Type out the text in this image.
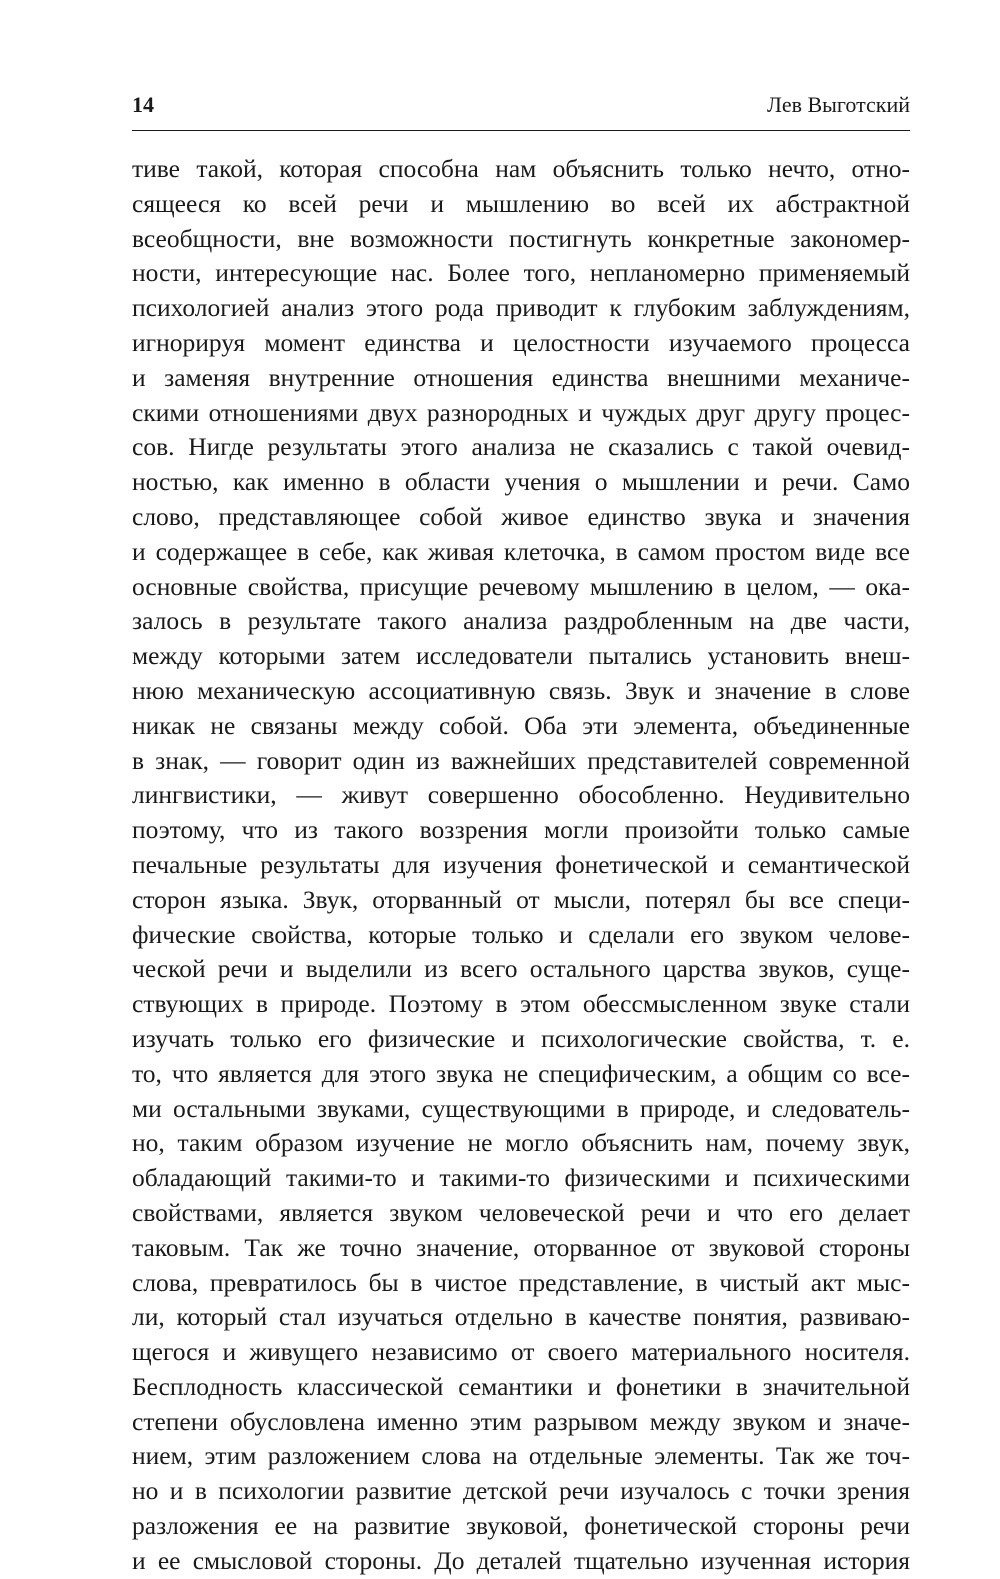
14	Лев Выготский
тиве такой, которая способна нам объяснить только нечто, отно-
сящееся ко всей речи и мышлению во всей их абстрактной
всеобщности, вне возможности постигнуть конкретные закономер-
ности, интересующие нас. Более того, непланомерно применяемый
психологией анализ этого рода приводит к глубоким заблуждениям,
игнорируя момент единства и целостности изучаемого процесса
и заменяя внутренние отношения единства внешними механиче-
скими отношениями двух разнородных и чуждых друг другу процес-
сов. Нигде результаты этого анализа не сказались с такой очевид-
ностью, как именно в области учения о мышлении и речи. Само
слово, представляющее собой живое единство звука и значения
и содержащее в себе, как живая клеточка, в самом простом виде все
основные свойства, присущие речевому мышлению в целом, — ока-
залось в результате такого анализа раздробленным на две части,
между которыми затем исследователи пытались установить внеш-
нюю механическую ассоциативную связь. Звук и значение в слове
никак не связаны между собой. Оба эти элемента, объединенные
в знак, — говорит один из важнейших представителей современной
лингвистики, — живут совершенно обособленно. Неудивительно
поэтому, что из такого воззрения могли произойти только самые
печальные результаты для изучения фонетической и семантической
сторон языка. Звук, оторванный от мысли, потерял бы все специ-
фические свойства, которые только и сделали его звуком челове-
ческой речи и выделили из всего остального царства звуков, суще-
ствующих в природе. Поэтому в этом обессмысленном звуке стали
изучать только его физические и психологические свойства, т. е.
то, что является для этого звука не специфическим, а общим со все-
ми остальными звуками, существующими в природе, и следователь-
но, таким образом изучение не могло объяснить нам, почему звук,
обладающий такими-то и такими-то физическими и психическими
свойствами, является звуком человеческой речи и что его делает
таковым. Так же точно значение, оторванное от звуковой стороны
слова, превратилось бы в чистое представление, в чистый акт мыс-
ли, который стал изучаться отдельно в качестве понятия, развиваю-
щегося и живущего независимо от своего материального носителя.
Бесплодность классической семантики и фонетики в значительной
степени обусловлена именно этим разрывом между звуком и значе-
нием, этим разложением слова на отдельные элементы. Так же точ-
но и в психологии развитие детской речи изучалось с точки зрения
разложения ее на развитие звуковой, фонетической стороны речи
и ее смысловой стороны. До деталей тщательно изученная история
